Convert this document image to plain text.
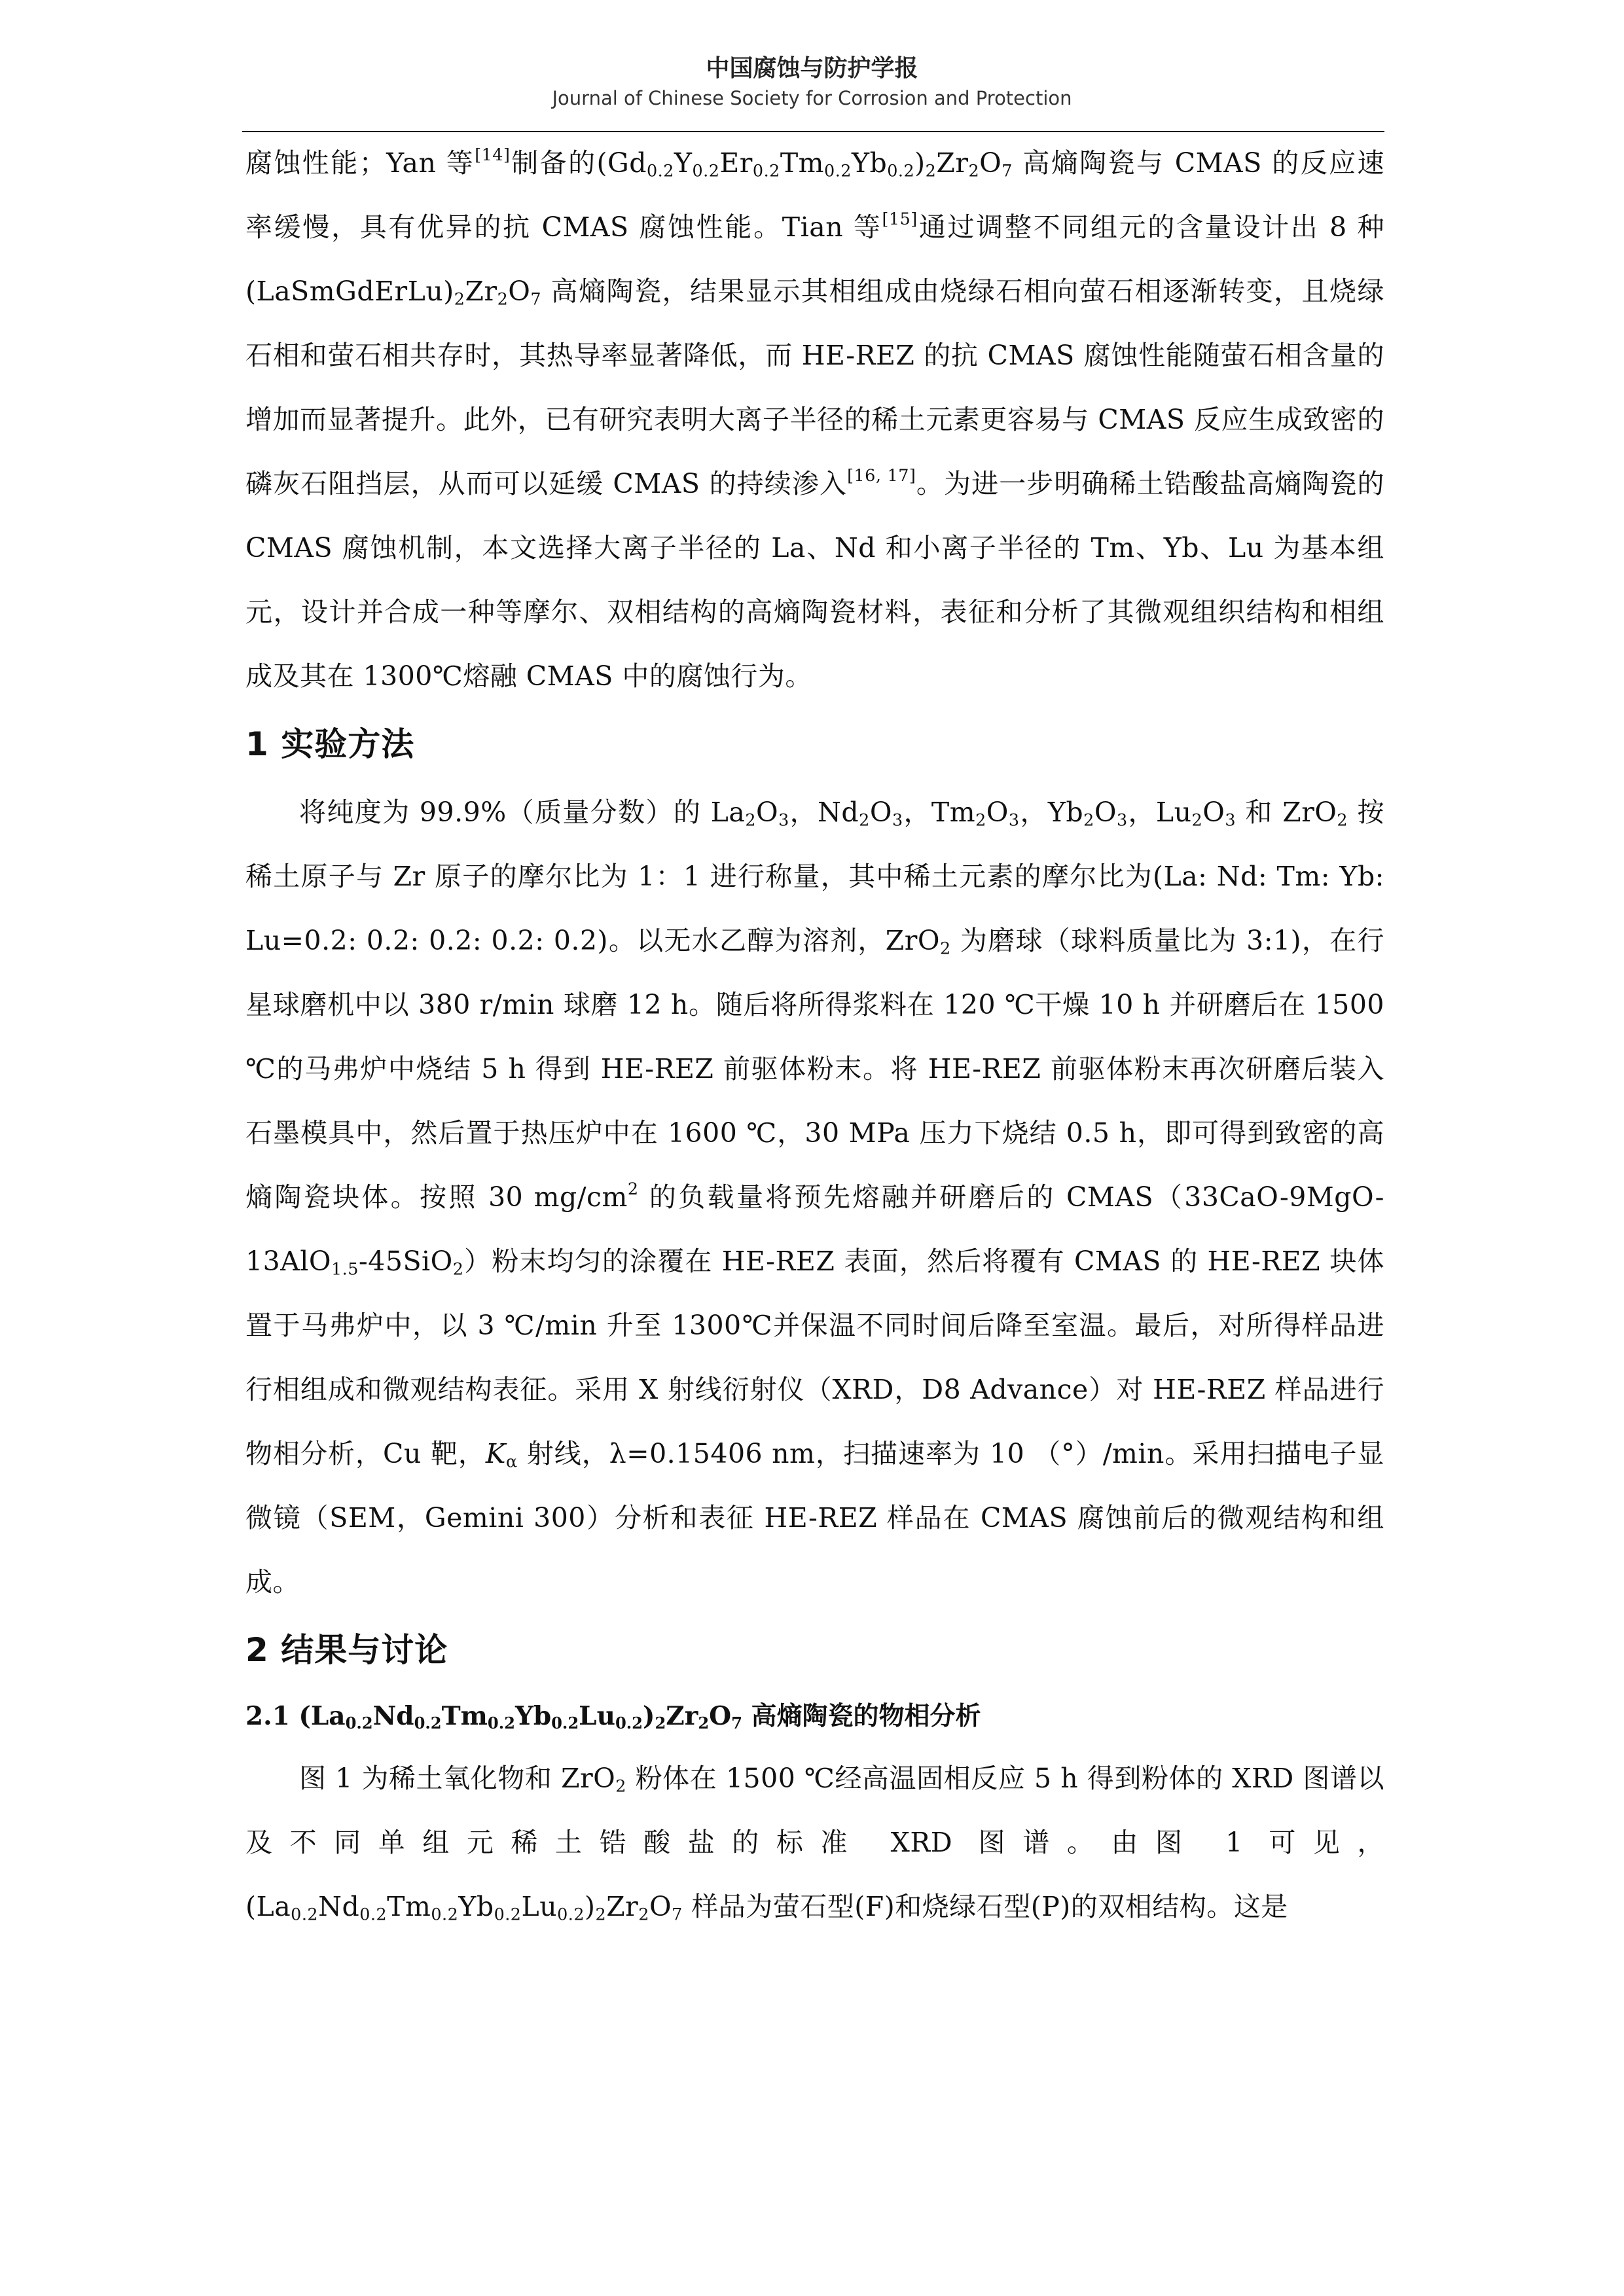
中国腐蚀与防护学报

Journal of Chinese Society for Corrosion and Protection

腐蚀性能；Yan 等[14]制备的$(Gd_{0.2}Y_{0.2}Er_{0.2}Tm_{0.2}Yb_{0.2})_2Zr_2O_7$ 高熵陶瓷与 CMAS 的反应速率缓慢，具有优异的抗 CMAS 腐蚀性能。Tian 等[15]通过调整不同组元的含量设计出 8 种$(LaSmGdErLu)_2Zr_2O_7$ 高熵陶瓷，结果显示其相组成由烧绿石相向萤石相逐渐转变，且烧绿石相和萤石相共存时，其热导率显著降低，而 HE-REZ 的抗 CMAS 腐蚀性能随萤石相含量的增加而显著提升。此外，已有研究表明大离子半径的稀土元素更容易与 CMAS 反应生成致密的磷灰石阻挡层，从而可以延缓 CMAS 的持续渗入[16, 17]。为进一步明确稀土锆酸盐高熵陶瓷的 CMAS 腐蚀机制，本文选择大离子半径的 La、Nd 和小离子半径的 Tm、Yb、Lu 为基本组元，设计并合成一种等摩尔、双相结构的高熵陶瓷材料，表征和分析了其微观组织结构和相组成及其在 1300℃熔融 CMAS 中的腐蚀行为。

1 实验方法

将纯度为 99.9%（质量分数）的 $La_2O_3$，$Nd_2O_3$，$Tm_2O_3$，$Yb_2O_3$，$Lu_2O_3$ 和 ZrO$_2$ 按稀土原子与 Zr 原子的摩尔比为 1：1 进行称量，其中稀土元素的摩尔比为(La: Nd: Tm: Yb: Lu=0.2: 0.2: 0.2: 0.2: 0.2)。以无水乙醇为溶剂，ZrO$_2$ 为磨球（球料质量比为 3:1)，在行星球磨机中以 380 r/min 球磨 12 h。随后将所得浆料在 120 ℃干燥 10 h 并研磨后在 1500 ℃的马弗炉中烧结 5 h 得到 HE-REZ 前驱体粉末。将 HE-REZ 前驱体粉末再次研磨后装入石墨模具中，然后置于热压炉中在 1600 ℃，30 MPa 压力下烧结 0.5 h，即可得到致密的高熵陶瓷块体。按照 30 $mg/cm^2$ 的负载量将预先熔融并研磨后的 CMAS（33CaO-9MgO-13AlO$_{1.5}$-45SiO$_2$）粉末均匀的涂覆在 HE-REZ 表面，然后将覆有 CMAS 的 HE-REZ 块体置于马弗炉中，以 3 ℃/min 升至 1300℃并保温不同时间后降至室温。最后，对所得样品进行相组成和微观结构表征。采用 X 射线衍射仪（XRD，D8 Advance）对 HE-REZ 样品进行物相分析，Cu 靶，$K_\alpha$ 射线，λ=0.15406 nm，扫描速率为 10 （°）/min。采用扫描电子显微镜（SEM，Gemini 300）分析和表征 HE-REZ 样品在 CMAS 腐蚀前后的微观结构和组成。

2 结果与讨论
2.1 $(La_{0.2}Nd_{0.2}Tm_{0.2}Yb_{0.2}Lu_{0.2})_2Zr_2O_7$ 高熵陶瓷的物相分析

图 1 为稀土氧化物和 ZrO$_2$ 粉体在 1500 ℃经高温固相反应 5 h 得到粉体的 XRD 图谱以及不同单组元稀土锆酸盐的标准 XRD 图谱。由图 1 可见，$(La_{0.2}Nd_{0.2}Tm_{0.2}Yb_{0.2}Lu_{0.2})_2Zr_2O_7$ 样品为萤石型(F)和烧绿石型(P)的双相结构。这是
